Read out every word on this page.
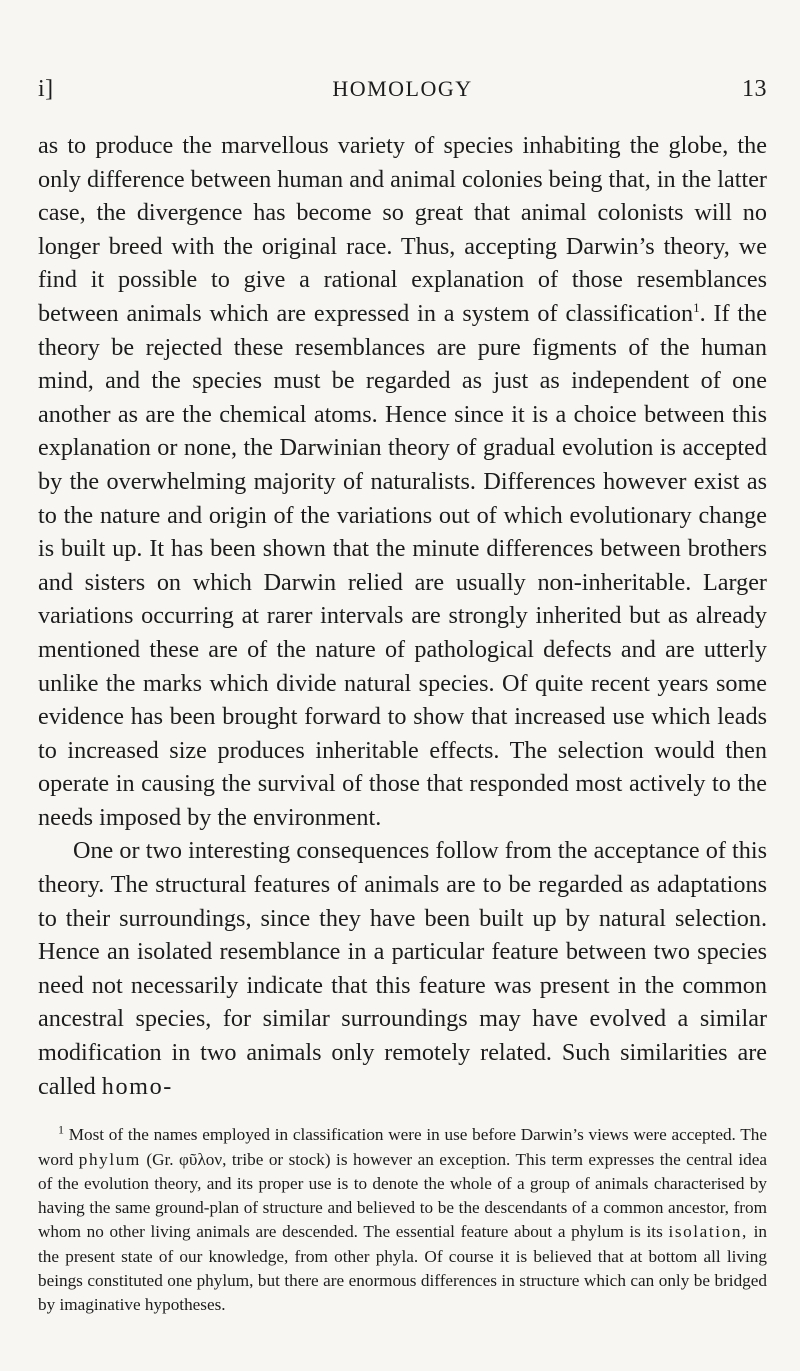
i]	HOMOLOGY	13

as to produce the marvellous variety of species inhabiting the globe, the only difference between human and animal colonies being that, in the latter case, the divergence has become so great that animal colonists will no longer breed with the original race. Thus, accepting Darwin’s theory, we find it possible to give a rational explanation of those resemblances between animals which are expressed in a system of classification$^1$. If the theory be rejected these resemblances are pure figments of the human mind, and the species must be regarded as just as independent of one another as are the chemical atoms. Hence since it is a choice between this explanation or none, the Darwinian theory of gradual evolution is accepted by the overwhelming majority of naturalists. Differences however exist as to the nature and origin of the variations out of which evolutionary change is built up. It has been shown that the minute differences between brothers and sisters on which Darwin relied are usually non-inheritable. Larger variations occurring at rarer intervals are strongly inherited but as already mentioned these are of the nature of pathological defects and are utterly unlike the marks which divide natural species. Of quite recent years some evidence has been brought forward to show that increased use which leads to increased size produces inheritable effects. The selection would then operate in causing the survival of those that responded most actively to the needs imposed by the environment.

One or two interesting consequences follow from the acceptance of this theory. The structural features of animals are to be regarded as adaptations to their surroundings, since they have been built up by natural selection. Hence an isolated resemblance in a particular feature between two species need not necessarily indicate that this feature was present in the common ancestral species, for similar surroundings may have evolved a similar modification in two animals only remotely related. Such similarities are called homo-

$^1$ Most of the names employed in classification were in use before Darwin’s views were accepted. The word phylum (Gr. φῦλον, tribe or stock) is however an exception. This term expresses the central idea of the evolution theory, and its proper use is to denote the whole of a group of animals characterised by having the same ground-plan of structure and believed to be the descendants of a common ancestor, from whom no other living animals are descended. The essential feature about a phylum is its isolation, in the present state of our knowledge, from other phyla. Of course it is believed that at bottom all living beings constituted one phylum, but there are enormous differences in structure which can only be bridged by imaginative hypotheses.
